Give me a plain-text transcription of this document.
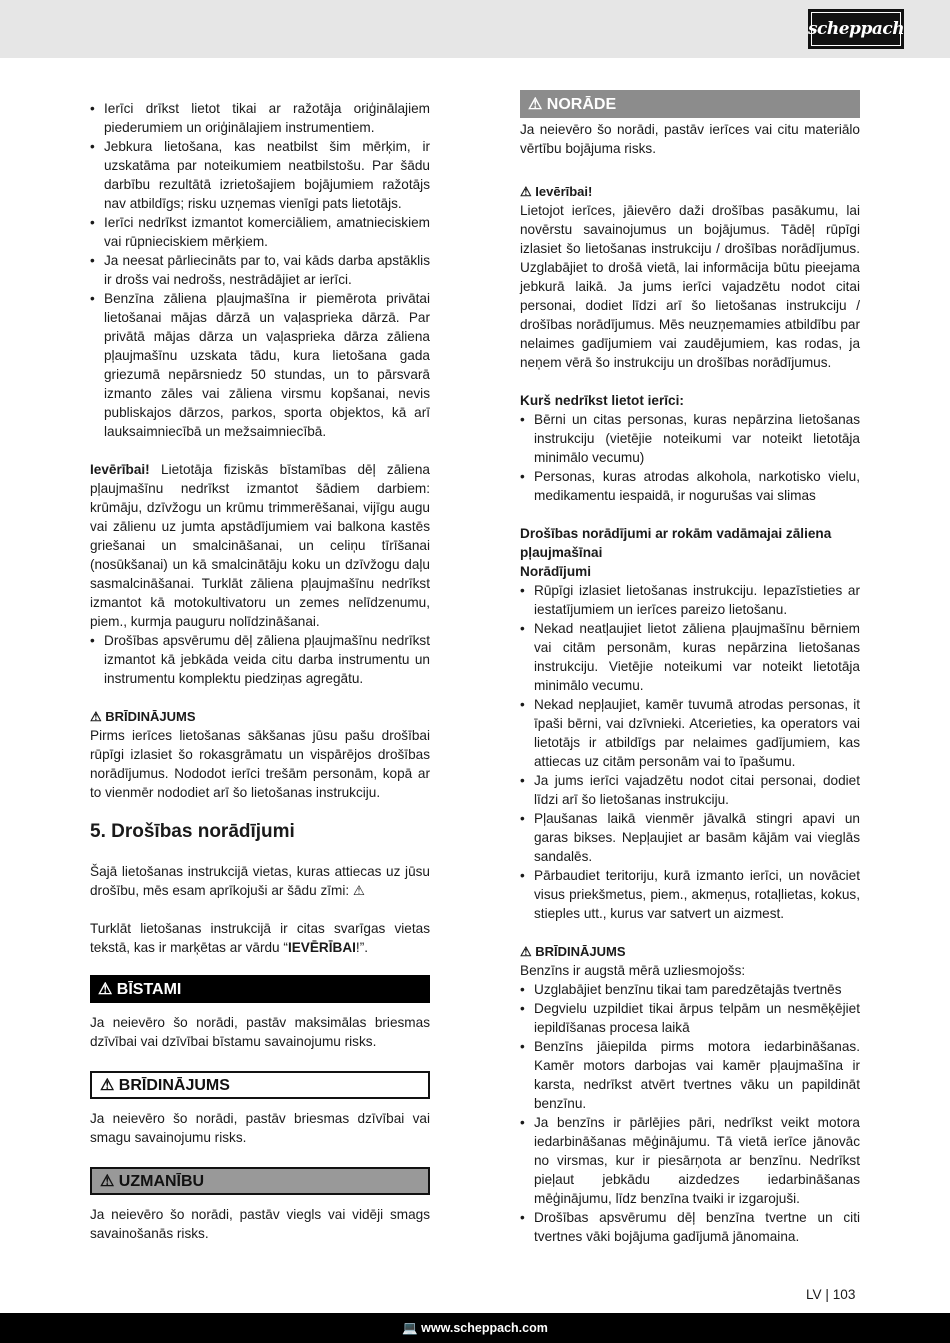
scheppach
• Ierīci drīkst lietot tikai ar ražotāja oriģinālajiem piederumiem un oriģinālajiem instrumentiem.
• Jebkura lietošana, kas neatbilst šim mērķim, ir uzskatāma par noteikumiem neatbilstošu. Par šādu darbību rezultātā izrietošajiem bojājumiem ražotājs nav atbildīgs; risku uzņemas vienīgi pats lietotājs.
• Ierīci nedrīkst izmantot komerciāliem, amatnieciskiem vai rūpnieciskiem mērķiem.
• Ja neesat pārliecināts par to, vai kāds darba apstāklis ir drošs vai nedrošs, nestrādājiet ar ierīci.
• Benzīna zāliena pļaujmašīna ir piemērota privātai lietošanai mājas dārzā un vaļasprieka dārzā. Par privātā mājas dārza un vaļasprieka dārza zāliena pļaujmašīnu uzskata tādu, kura lietošana gada griezumā nepārsniedz 50 stundas, un to pārsvarā izmanto zāles vai zāliena virsmu kopšanai, nevis publiskajos dārzos, parkos, sporta objektos, kā arī lauksaimniecībā un mežsaimniecībā.

Ievērībai! Lietotāja fiziskās bīstamības dēļ zāliena pļaujmašīnu nedrīkst izmantot šādiem darbiem: krūmāju, dzīvžogu un krūmu trimmerēšanai, vijīgu augu vai zālienu uz jumta apstādījumiem vai balkona kastēs griešanai un smalcināšanai, un celiņu tīrīšanai (nosūkšanai) un kā smalcinātāju koku un dzīvžogu daļu sasmalcināšanai. Turklāt zāliena pļaujmašīnu nedrīkst izmantot kā motokultivatoru un zemes nelīdzenumu, piem., kurmja pauguru nolīdzināšanai.

• Drošības apsvērumu dēļ zāliena pļaujmašīnu nedrīkst izmantot kā jebkāda veida citu darba instrumentu un instrumentu komplektu piedziņas agregātu.
⚠ BRĪDINĀJUMS

Pirms ierīces lietošanas sākšanas jūsu pašu drošībai rūpīgi izlasiet šo rokasgrāmatu un vispārējos drošības norādījumus. Nododot ierīci trešām personām, kopā ar to vienmēr nododiet arī šo lietošanas instrukciju.

5. Drošības norādījumi

Šajā lietošanas instrukcijā vietas, kuras attiecas uz jūsu drošību, mēs esam aprīkojuši ar šādu zīmi: ⚠

Turklāt lietošanas instrukcijā ir citas svarīgas vietas tekstā, kas ir marķētas ar vārdu “IEVĒRĪBAI!”.

⚠ BĪSTAMI

Ja neievēro šo norādi, pastāv maksimālas briesmas dzīvībai vai dzīvībai bīstamu savainojumu risks.

⚠ BRĪDINĀJUMS

Ja neievēro šo norādi, pastāv briesmas dzīvībai vai smagu savainojumu risks.

⚠ UZMANĪBU

Ja neievēro šo norādi, pastāv viegls vai vidēji smags savainošanās risks.

⚠ NORĀDE

Ja neievēro šo norādi, pastāv ierīces vai citu materiālo vērtību bojājuma risks.

⚠ Ievērībai!

Lietojot ierīces, jāievēro daži drošības pasākumu, lai novērstu savainojumus un bojājumus. Tādēļ rūpīgi izlasiet šo lietošanas instrukciju / drošības norādījumus. Uzglabājiet to drošā vietā, lai informācija būtu pieejama jebkurā laikā. Ja jums ierīci vajadzētu nodot citai personai, dodiet līdzi arī šo lietošanas instrukciju / drošības norādījumus. Mēs neuzņemamies atbildību par nelaimes gadījumiem vai zaudējumiem, kas rodas, ja neņem vērā šo instrukciju un drošības norādījumus.

Kurš nedrīkst lietot ierīci:
• Bērni un citas personas, kuras nepārzina lietošanas instrukciju (vietējie noteikumi var noteikt lietotāja minimālo vecumu)
• Personas, kuras atrodas alkohola, narkotisko vielu, medikamentu iespaidā, ir nogurušas vai slimas
Drošības norādījumi ar rokām vadāmajai zāliena pļaujmašīnai
Norādījumi
• Rūpīgi izlasiet lietošanas instrukciju. Iepazīstieties ar iestatījumiem un ierīces pareizo lietošanu.
• Nekad neatļaujiet lietot zāliena pļaujmašīnu bērniem vai citām personām, kuras nepārzina lietošanas instrukciju. Vietējie noteikumi var noteikt lietotāja minimālo vecumu.
• Nekad nepļaujiet, kamēr tuvumā atrodas personas, it īpaši bērni, vai dzīvnieki. Atcerieties, ka operators vai lietotājs ir atbildīgs par nelaimes gadījumiem, kas attiecas uz citām personām vai to īpašumu.
• Ja jums ierīci vajadzētu nodot citai personai, dodiet līdzi arī šo lietošanas instrukciju.
• Pļaušanas laikā vienmēr jāvalkā stingri apavi un garas bikses. Nepļaujiet ar basām kājām vai vieglās sandalēs.
• Pārbaudiet teritoriju, kurā izmanto ierīci, un novāciet visus priekšmetus, piem., akmeņus, rotaļlietas, kokus, stieples utt., kurus var satvert un aizmest.
⚠ BRĪDINĀJUMS

Benzīns ir augstā mērā uzliesmojošs:

• Uzglabājiet benzīnu tikai tam paredzētajās tvertnēs
• Degvielu uzpildiet tikai ārpus telpām un nesmēķējiet iepildīšanas procesa laikā
• Benzīns jāiepilda pirms motora iedarbināšanas. Kamēr motors darbojas vai kamēr pļaujmašīna ir karsta, nedrīkst atvērt tvertnes vāku un papildināt benzīnu.
• Ja benzīns ir pārlējies pāri, nedrīkst veikt motora iedarbināšanas mēģinājumu. Tā vietā ierīce jānovāc no virsmas, kur ir piesārņota ar benzīnu. Nedrīkst pieļaut jebkādu aizdedzes iedarbināšanas mēģinājumu, līdz benzīna tvaiki ir izgarojuši.
• Drošības apsvērumu dēļ benzīna tvertne un citi tvertnes vāki bojājuma gadījumā jānomaina.
LV | 103
💻 www.scheppach.com
